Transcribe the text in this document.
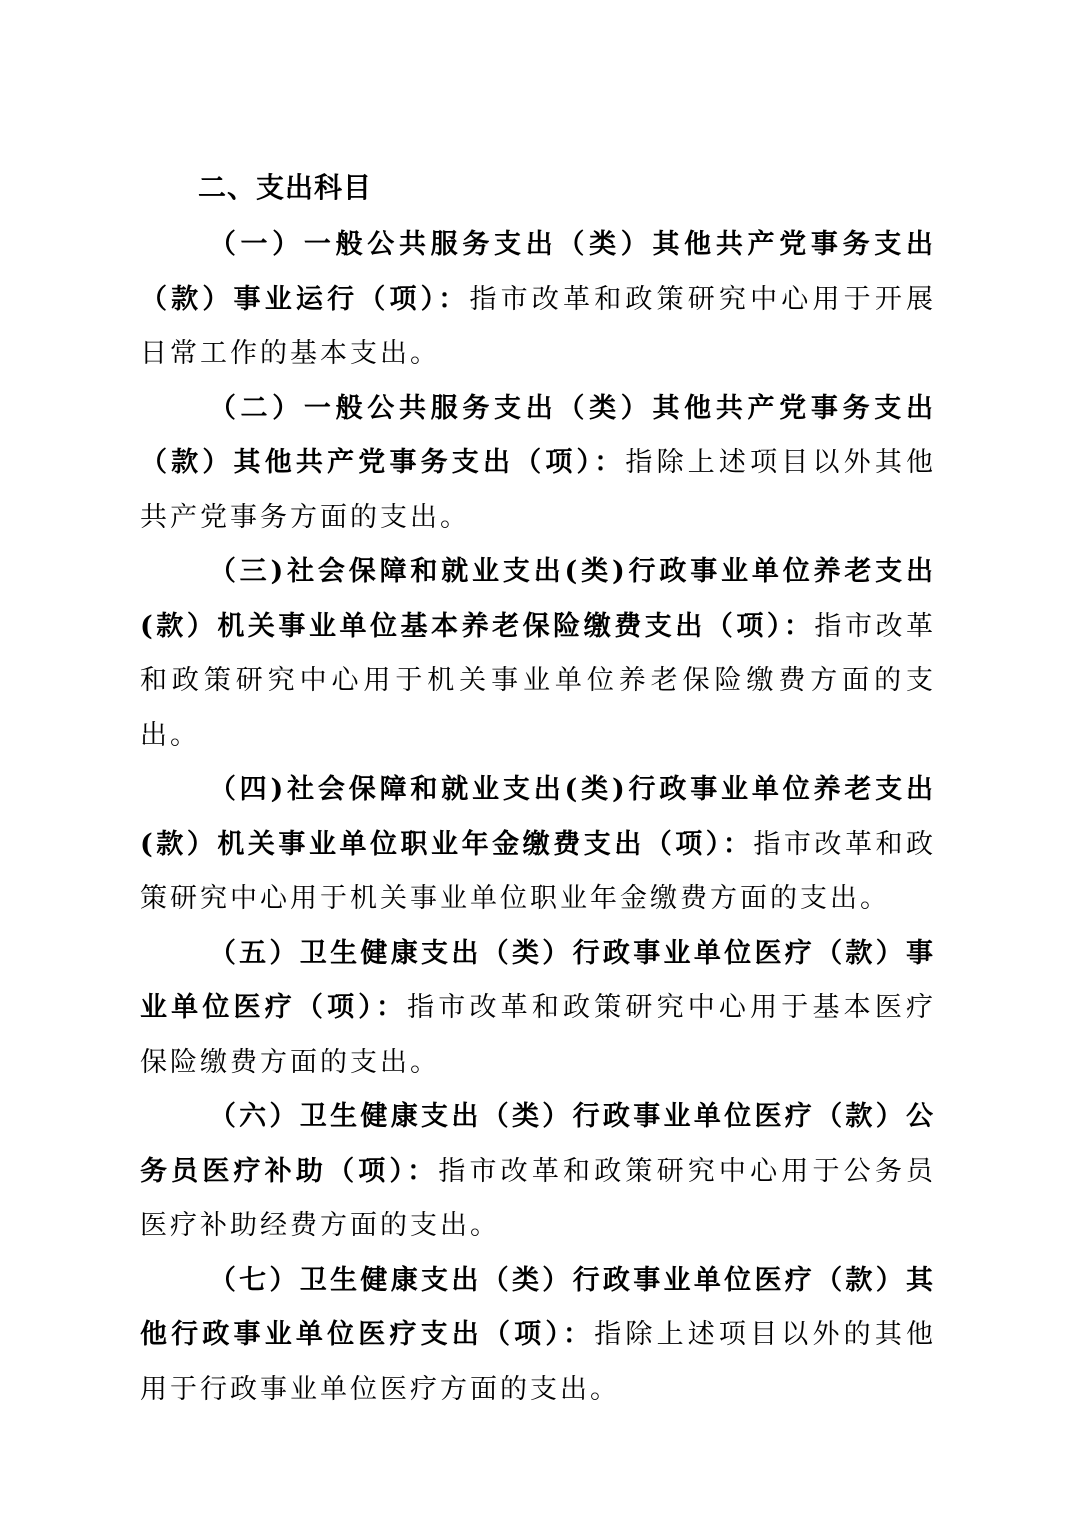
二、支出科目

（一）一般公共服务支出（类）其他共产党事务支出（款）事业运行（项）：指市改革和政策研究中心用于开展日常工作的基本支出。

（二）一般公共服务支出（类）其他共产党事务支出（款）其他共产党事务支出（项）：指除上述项目以外其他共产党事务方面的支出。

（三)社会保障和就业支出(类)行政事业单位养老支出(款）机关事业单位基本养老保险缴费支出（项）：指市改革和政策研究中心用于机关事业单位养老保险缴费方面的支出。

（四)社会保障和就业支出(类)行政事业单位养老支出(款）机关事业单位职业年金缴费支出（项）：指市改革和政策研究中心用于机关事业单位职业年金缴费方面的支出。

（五）卫生健康支出（类）行政事业单位医疗（款）事业单位医疗（项）：指市改革和政策研究中心用于基本医疗保险缴费方面的支出。

（六）卫生健康支出（类）行政事业单位医疗（款）公务员医疗补助（项）：指市改革和政策研究中心用于公务员医疗补助经费方面的支出。

（七）卫生健康支出（类）行政事业单位医疗（款）其他行政事业单位医疗支出（项）：指除上述项目以外的其他用于行政事业单位医疗方面的支出。
